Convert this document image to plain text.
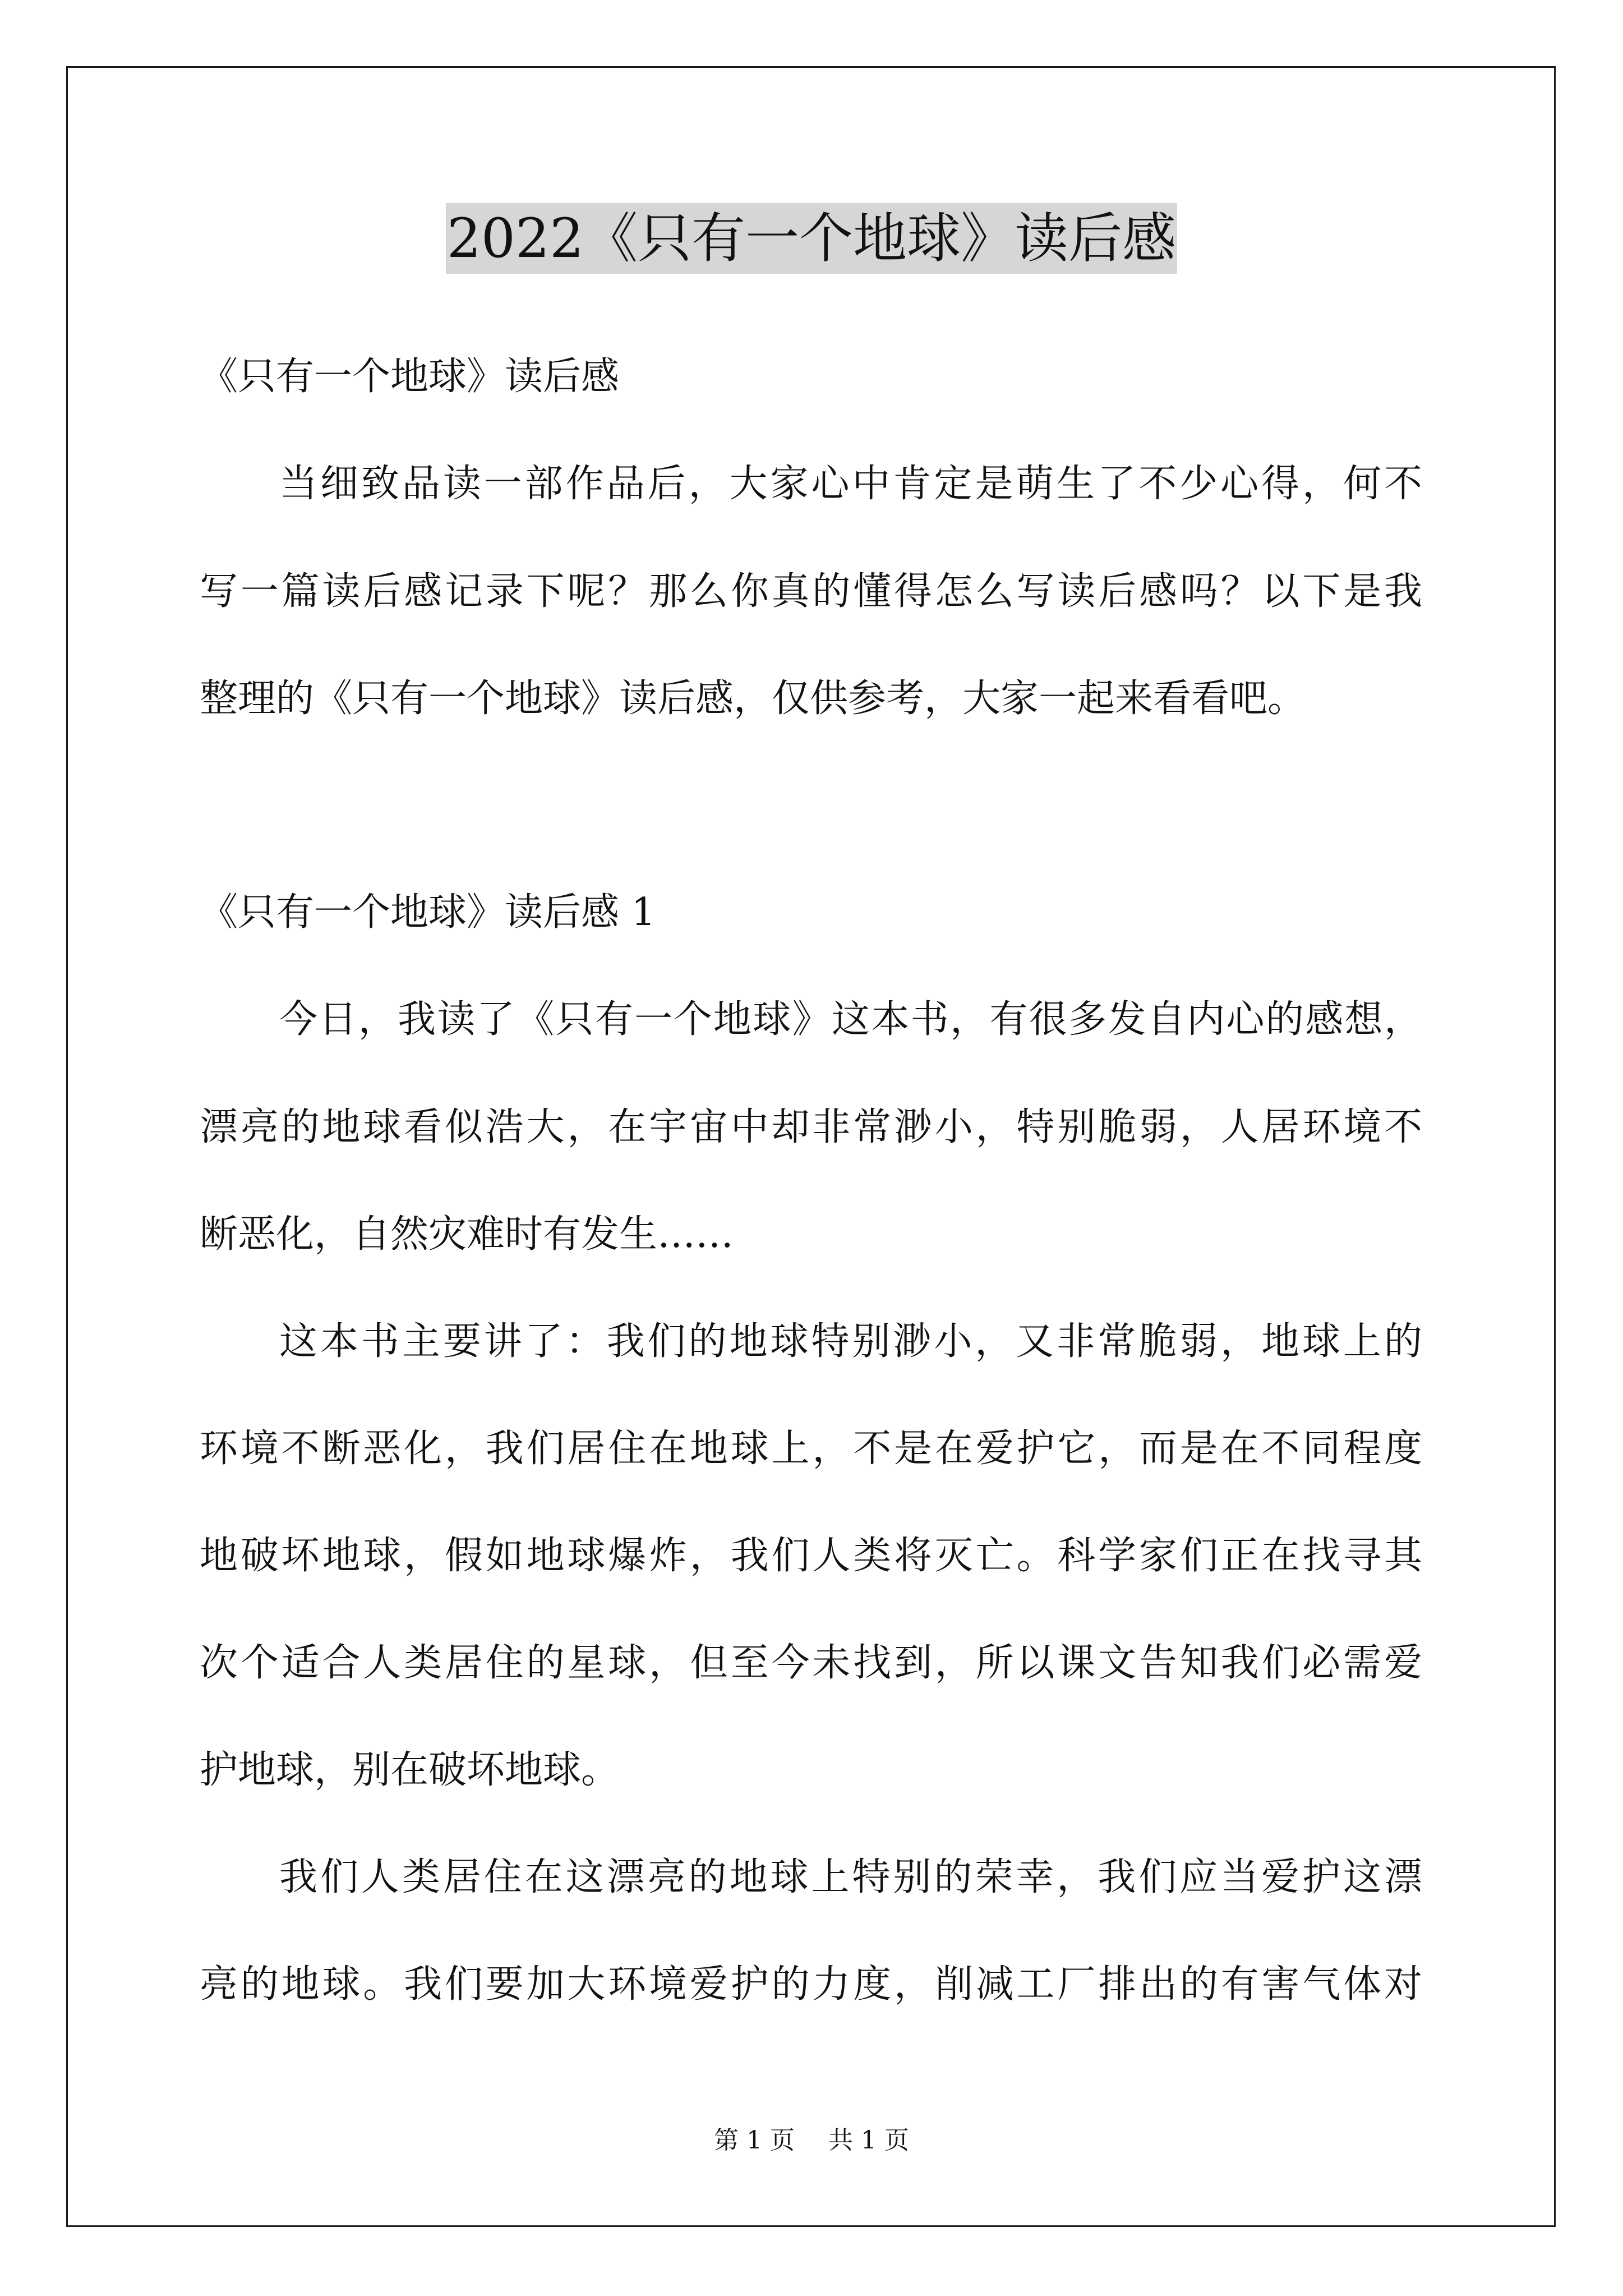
2022《只有一个地球》读后感
《只有一个地球》读后感
当细致品读一部作品后，大家心中肯定是萌生了不少心得，何不
写一篇读后感记录下呢？那么你真的懂得怎么写读后感吗？以下是我
整理的《只有一个地球》读后感，仅供参考，大家一起来看看吧。
《只有一个地球》读后感 1
今日，我读了《只有一个地球》这本书，有很多发自内心的感想，
漂亮的地球看似浩大，在宇宙中却非常渺小，特别脆弱，人居环境不
断恶化，自然灾难时有发生……
这本书主要讲了：我们的地球特别渺小，又非常脆弱，地球上的
环境不断恶化，我们居住在地球上，不是在爱护它，而是在不同程度
地破坏地球，假如地球爆炸，我们人类将灭亡。科学家们正在找寻其
次个适合人类居住的星球，但至今未找到，所以课文告知我们必需爱
护地球，别在破坏地球。
我们人类居住在这漂亮的地球上特别的荣幸，我们应当爱护这漂
亮的地球。我们要加大环境爱护的力度，削减工厂排出的有害气体对
第 1 页 共 1 页
